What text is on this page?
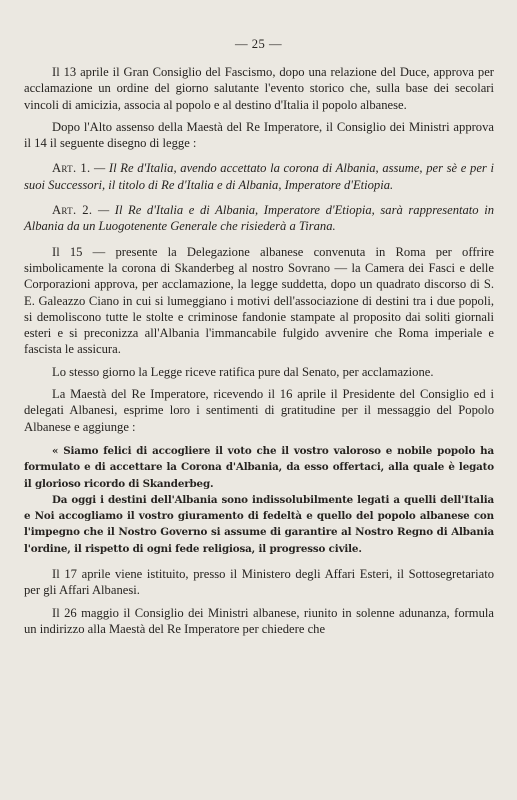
— 25 —

Il 13 aprile il Gran Consiglio del Fascismo, dopo una relazione del Duce, approva per acclamazione un ordine del giorno salutante l'evento storico che, sulla base dei secolari vincoli di amicizia, associa al popolo e al destino d'Italia il popolo albanese.

Dopo l'Alto assenso della Maestà del Re Imperatore, il Consiglio dei Ministri approva il 14 il seguente disegno di legge :

Art. 1. — Il Re d'Italia, avendo accettato la corona di Albania, assume, per sè e per i suoi Successori, il titolo di Re d'Italia e di Albania, Imperatore d'Etiopia.

Art. 2. — Il Re d'Italia e di Albania, Imperatore d'Etiopia, sarà rappresentato in Albania da un Luogotenente Generale che risiederà a Tirana.

Il 15 — presente la Delegazione albanese convenuta in Roma per offrire simbolicamente la corona di Skanderbeg al nostro Sovrano — la Camera dei Fasci e delle Corporazioni approva, per acclamazione, la legge suddetta, dopo un quadrato discorso di S. E. Galeazzo Ciano in cui si lumeggiano i motivi dell'associazione di destini tra i due popoli, si demoliscono tutte le stolte e criminose fandonie stampate al proposito dai soliti giornali esteri e si preconizza all'Albania l'immancabile fulgido avvenire che Roma imperiale e fascista le assicura.

Lo stesso giorno la Legge riceve ratifica pure dal Senato, per acclamazione.

La Maestà del Re Imperatore, ricevendo il 16 aprile il Presidente del Consiglio ed i delegati Albanesi, esprime loro i sentimenti di gratitudine per il messaggio del Popolo Albanese e aggiunge :

« Siamo felici di accogliere il voto che il vostro valoroso e nobile popolo ha formulato e di accettare la Corona d'Albania, da esso offertaci, alla quale è legato il glorioso ricordo di Skanderbeg.

Da oggi i destini dell'Albania sono indissolubilmente legati a quelli dell'Italia e Noi accogliamo il vostro giuramento di fedeltà e quello del popolo albanese con l'impegno che il Nostro Governo si assume di garantire al Nostro Regno di Albania l'ordine, il rispetto di ogni fede religiosa, il progresso civile.

Il 17 aprile viene istituito, presso il Ministero degli Affari Esteri, il Sottosegretariato per gli Affari Albanesi.

Il 26 maggio il Consiglio dei Ministri albanese, riunito in solenne adunanza, formula un indirizzo alla Maestà del Re Imperatore per chiedere che
